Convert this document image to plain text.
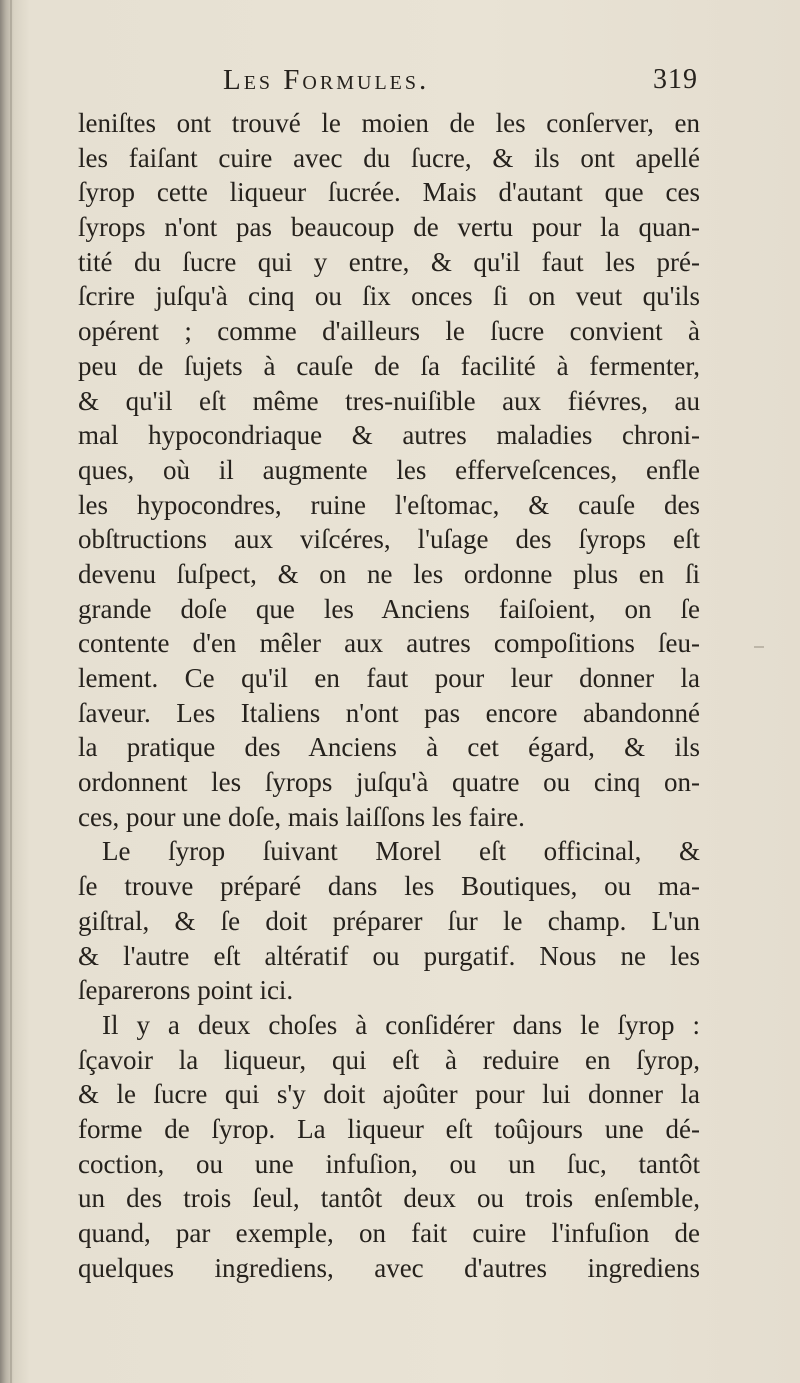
Les Formules.	319
leniſtes ont trouvé le moien de les conſerver, en
les faiſant cuire avec du ſucre, & ils ont apellé
ſyrop cette liqueur ſucrée. Mais d'autant que ces
ſyrops n'ont pas beaucoup de vertu pour la quan-
tité du ſucre qui y entre, & qu'il faut les pré-
ſcrire juſqu'à cinq ou ſix onces ſi on veut qu'ils
opérent ; comme d'ailleurs le ſucre convient à
peu de ſujets à cauſe de ſa facilité à fermenter,
& qu'il eſt même tres-nuiſible aux fiévres, au
mal hypocondriaque & autres maladies chroni-
ques, où il augmente les efferveſcences, enfle
les hypocondres, ruine l'eſtomac, & cauſe des
obſtructions aux viſcéres, l'uſage des ſyrops eſt
devenu ſuſpect, & on ne les ordonne plus en ſi
grande doſe que les Anciens faiſoient, on ſe
contente d'en mêler aux autres compoſitions ſeu-
lement. Ce qu'il en faut pour leur donner la
ſaveur. Les Italiens n'ont pas encore abandonné
la pratique des Anciens à cet égard, & ils
ordonnent les ſyrops juſqu'à quatre ou cinq on-
ces, pour une doſe, mais laiſſons les faire.
Le ſyrop ſuivant Morel eſt officinal, &
ſe trouve préparé dans les Boutiques, ou ma-
giſtral, & ſe doit préparer ſur le champ. L'un
& l'autre eſt altératif ou purgatif. Nous ne les
ſeparerons point ici.
Il y a deux choſes à conſidérer dans le ſyrop :
ſçavoir la liqueur, qui eſt à reduire en ſyrop,
& le ſucre qui s'y doit ajoûter pour lui donner la
forme de ſyrop. La liqueur eſt toûjours une dé-
coction, ou une infuſion, ou un ſuc, tantôt
un des trois ſeul, tantôt deux ou trois enſemble,
quand, par exemple, on fait cuire l'infuſion de
quelques ingrediens, avec d'autres ingrediens
